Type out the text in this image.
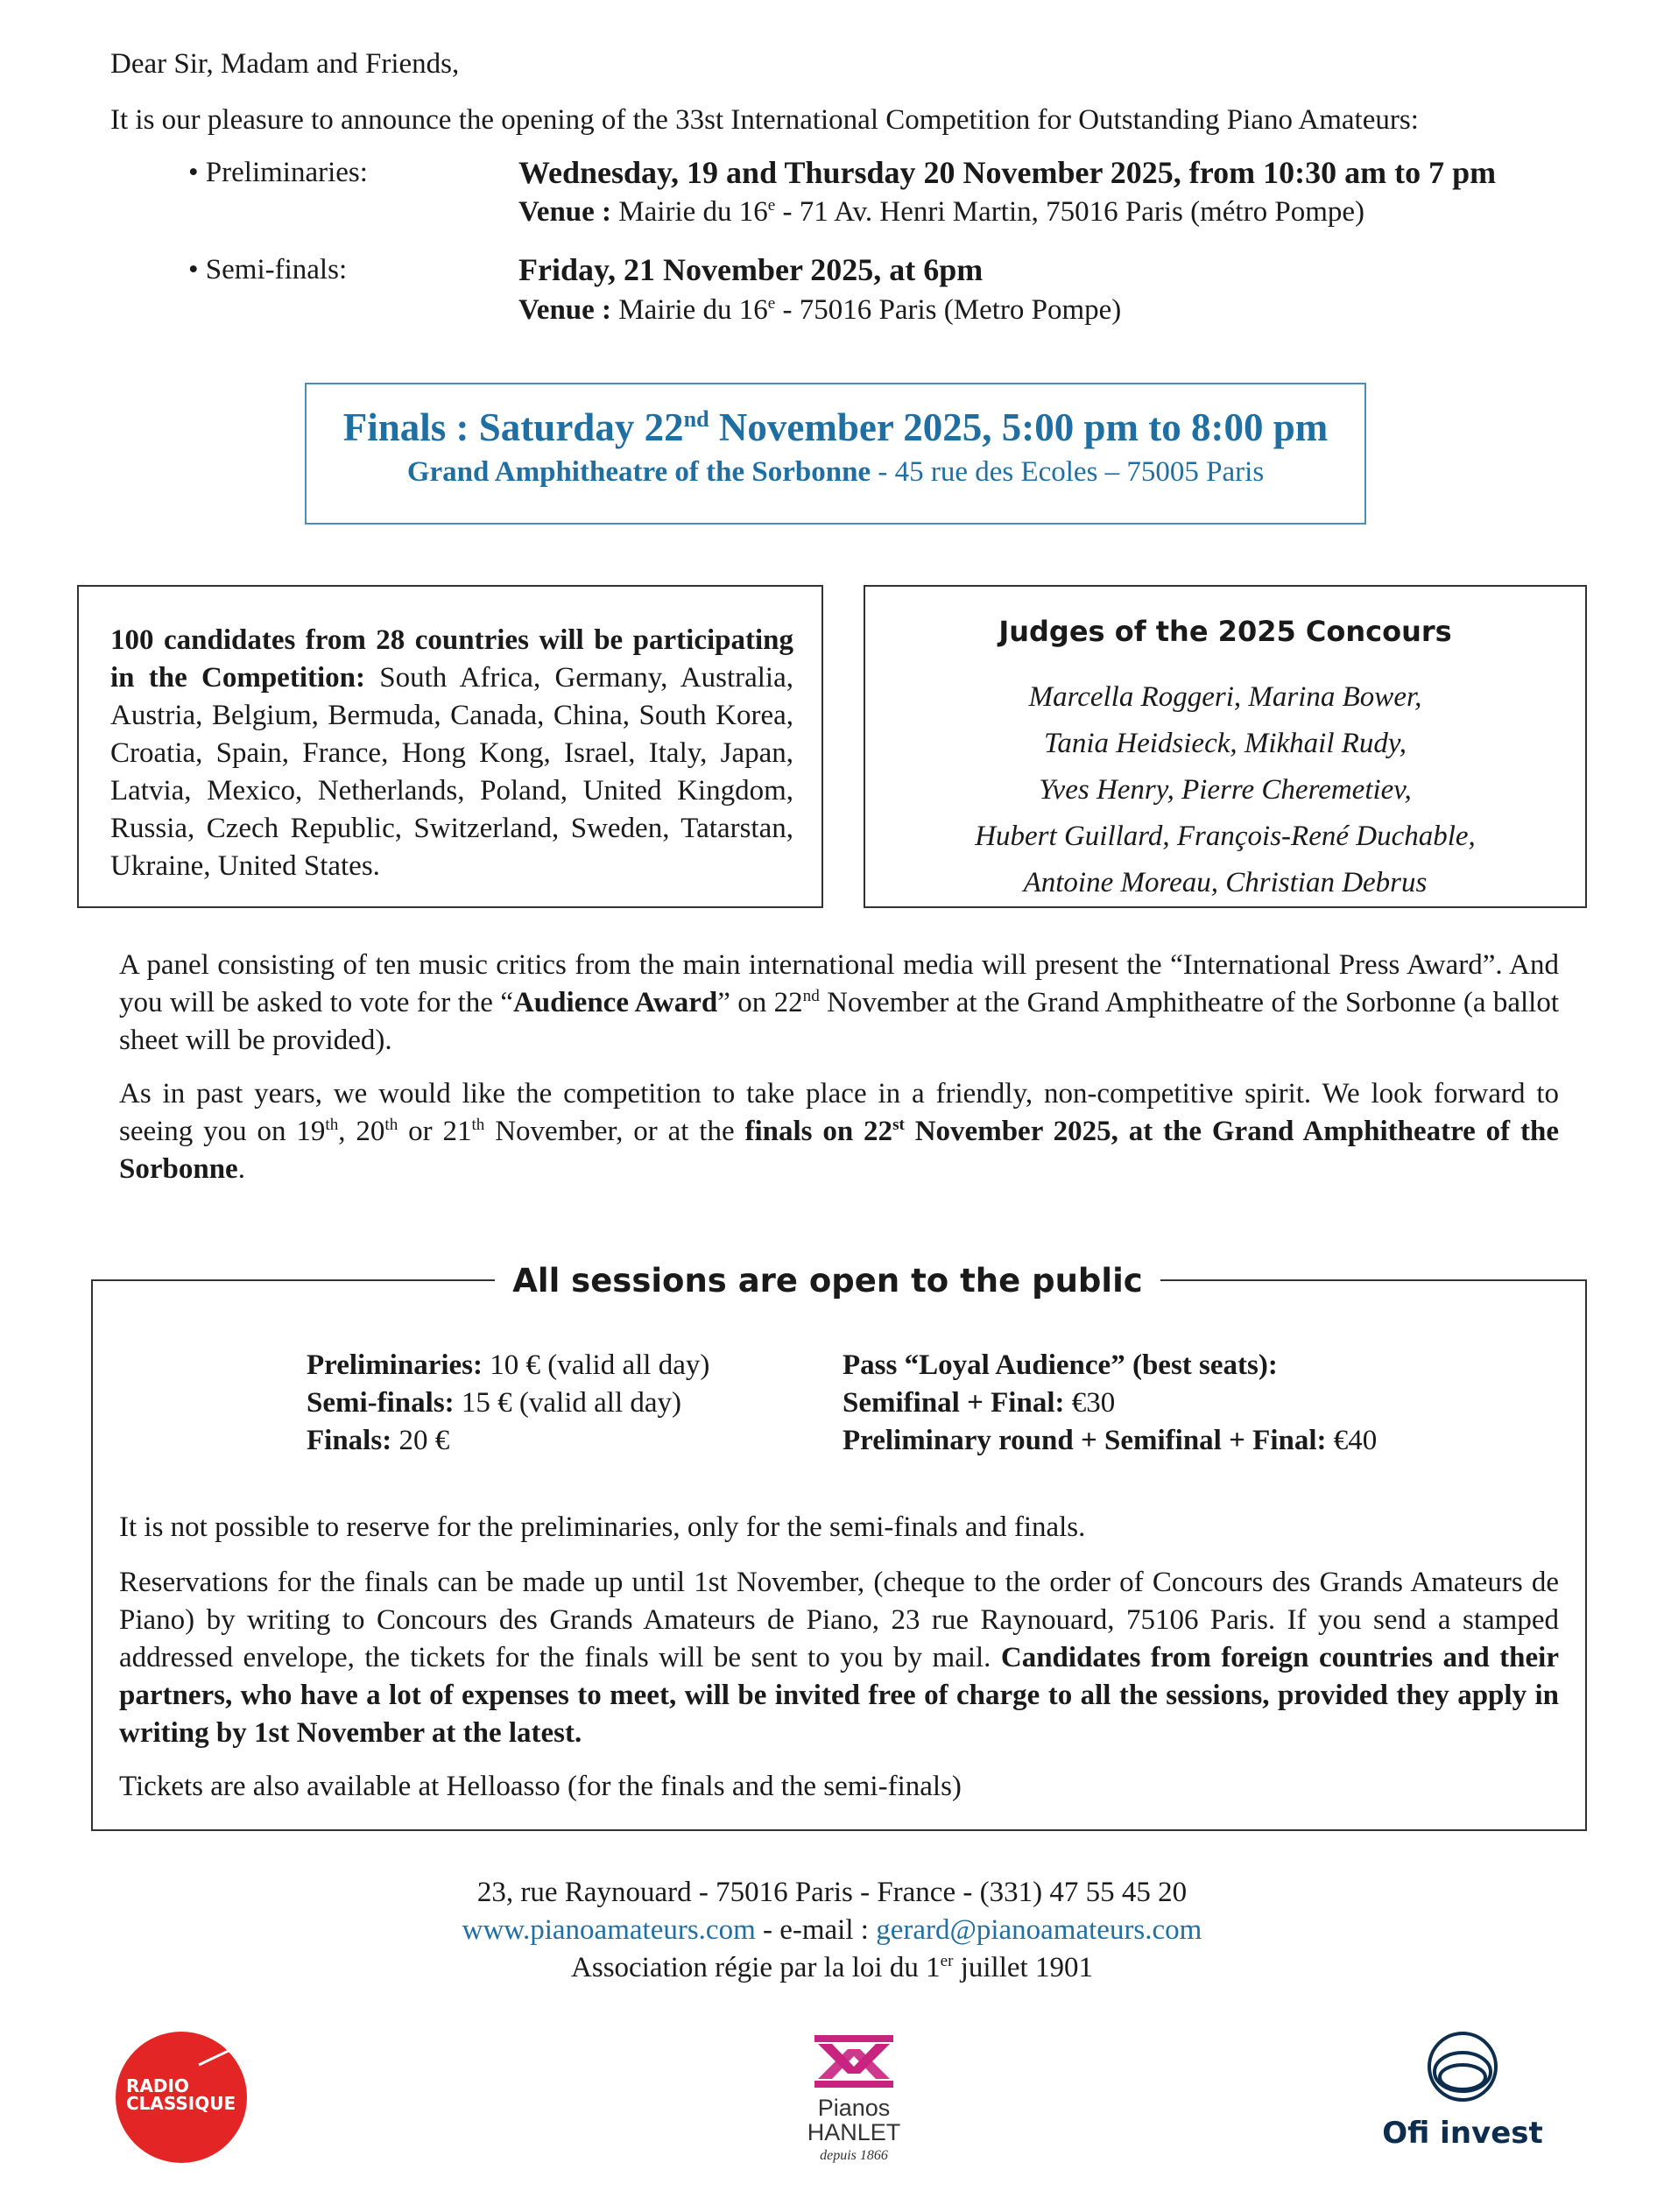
Dear Sir, Madam and Friends,
It is our pleasure to announce the opening of the 33st International Competition for Outstanding Piano Amateurs:
• Preliminaries:	Wednesday, 19 and Thursday 20 November 2025, from 10:30 am to 7 pm
Venue : Mairie du 16e - 71 Av. Henri Martin, 75016 Paris (métro Pompe)
• Semi-finals:	Friday, 21 November 2025, at 6pm
Venue : Mairie du 16e - 75016 Paris (Metro Pompe)
Finals : Saturday 22nd November 2025, 5:00 pm to 8:00 pm
Grand Amphitheatre of the Sorbonne - 45 rue des Ecoles – 75005 Paris
100 candidates from 28 countries will be participating in the Competition: South Africa, Germany, Australia, Austria, Belgium, Bermuda, Canada, China, South Korea, Croatia, Spain, France, Hong Kong, Israel, Italy, Japan, Latvia, Mexico, Netherlands, Poland, United Kingdom, Russia, Czech Republic, Switzerland, Sweden, Tatarstan, Ukraine, United States.
Judges of the 2025 Concours
Marcella Roggeri, Marina Bower,
Tania Heidsieck, Mikhail Rudy,
Yves Henry, Pierre Cheremetiev,
Hubert Guillard, François-René Duchable,
Antoine Moreau, Christian Debrus
A panel consisting of ten music critics from the main international media will present the “International Press Award”. And you will be asked to vote for the “Audience Award” on 22nd November at the Grand Amphitheatre of the Sorbonne (a ballot sheet will be provided).
As in past years, we would like the competition to take place in a friendly, non-competitive spirit. We look forward to seeing you on 19th, 20th or 21th November, or at the finals on 22st November 2025, at the Grand Amphitheatre of the Sorbonne.
All sessions are open to the public
Preliminaries: 10 € (valid all day)
Semi-finals: 15 € (valid all day)
Finals: 20 €
Pass “Loyal Audience” (best seats):
Semifinal + Final: €30
Preliminary round + Semifinal + Final: €40
It is not possible to reserve for the preliminaries, only for the semi-finals and finals.
Reservations for the finals can be made up until 1st November, (cheque to the order of Concours des Grands Amateurs de Piano) by writing to Concours des Grands Amateurs de Piano, 23 rue Raynouard, 75106 Paris. If you send a stamped addressed envelope, the tickets for the finals will be sent to you by mail. Candidates from foreign countries and their partners, who have a lot of expenses to meet, will be invited free of charge to all the sessions, provided they apply in writing by 1st November at the latest.
Tickets are also available at Helloasso (for the finals and the semi-finals)
23, rue Raynouard - 75016 Paris - France - (331) 47 55 45 20
www.pianoamateurs.com - e-mail : gerard@pianoamateurs.com
Association régie par la loi du 1er juillet 1901
RADIO
CLASSIQUE	Pianos
HANLET
depuis 1866
Ofi invest
